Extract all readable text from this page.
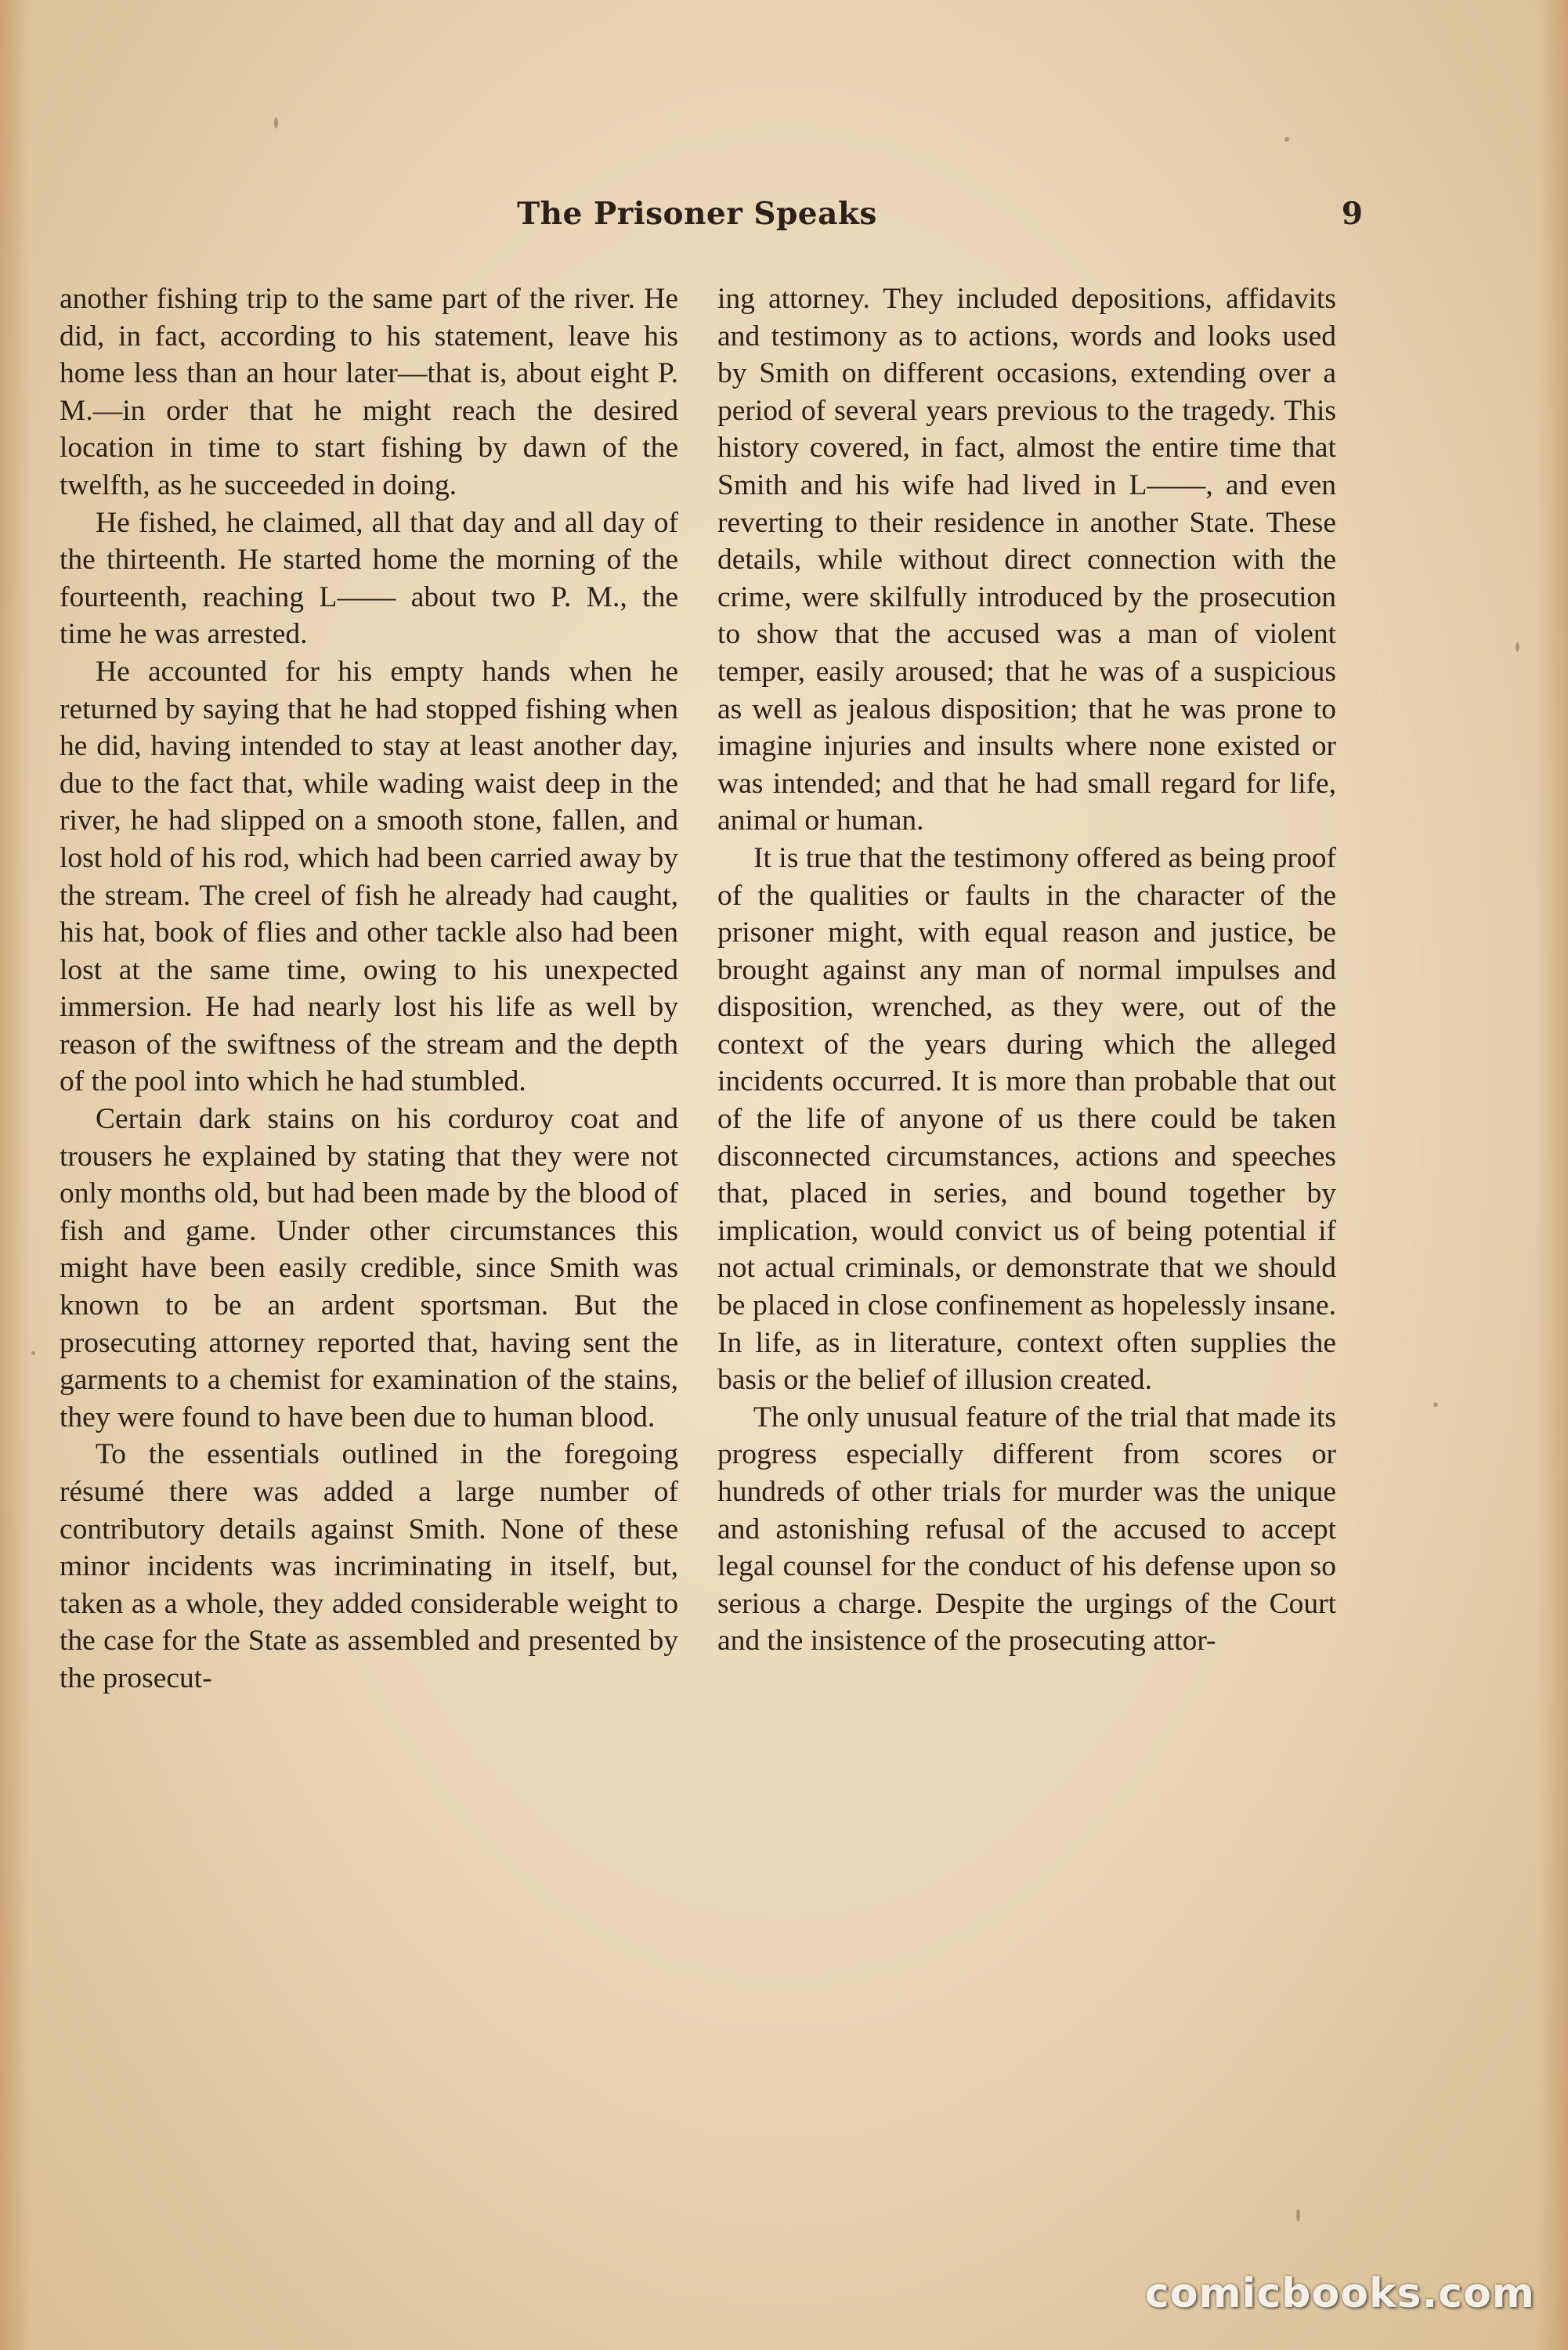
The Prisoner Speaks	9

another fishing trip to the same part of the river. He did, in fact, according to his statement, leave his home less than an hour later—that is, about eight P. M.—in order that he might reach the desired location in time to start fishing by dawn of the twelfth, as he succeeded in doing.

He fished, he claimed, all that day and all day of the thirteenth. He started home the morning of the fourteenth, reaching L—— about two P. M., the time he was arrested.

He accounted for his empty hands when he returned by saying that he had stopped fishing when he did, having intended to stay at least another day, due to the fact that, while wading waist deep in the river, he had slipped on a smooth stone, fallen, and lost hold of his rod, which had been carried away by the stream. The creel of fish he already had caught, his hat, book of flies and other tackle also had been lost at the same time, owing to his unexpected immersion. He had nearly lost his life as well by reason of the swiftness of the stream and the depth of the pool into which he had stumbled.

Certain dark stains on his corduroy coat and trousers he explained by stating that they were not only months old, but had been made by the blood of fish and game. Under other circumstances this might have been easily credible, since Smith was known to be an ardent sportsman. But the prosecuting attorney reported that, having sent the garments to a chemist for examination of the stains, they were found to have been due to human blood.

To the essentials outlined in the foregoing résumé there was added a large number of contributory details against Smith. None of these minor incidents was incriminating in itself, but, taken as a whole, they added considerable weight to the case for the State as assembled and presented by the prosecut-

ing attorney. They included depositions, affidavits and testimony as to actions, words and looks used by Smith on different occasions, extending over a period of several years previous to the tragedy. This history covered, in fact, almost the entire time that Smith and his wife had lived in L——, and even reverting to their residence in another State. These details, while without direct connection with the crime, were skilfully introduced by the prosecution to show that the accused was a man of violent temper, easily aroused; that he was of a suspicious as well as jealous disposition; that he was prone to imagine injuries and insults where none existed or was intended; and that he had small regard for life, animal or human.

It is true that the testimony offered as being proof of the qualities or faults in the character of the prisoner might, with equal reason and justice, be brought against any man of normal impulses and disposition, wrenched, as they were, out of the context of the years during which the alleged incidents occurred. It is more than probable that out of the life of anyone of us there could be taken disconnected circumstances, actions and speeches that, placed in series, and bound together by implication, would convict us of being potential if not actual criminals, or demonstrate that we should be placed in close confinement as hopelessly insane. In life, as in literature, context often supplies the basis or the belief of illusion created.

The only unusual feature of the trial that made its progress especially different from scores or hundreds of other trials for murder was the unique and astonishing refusal of the accused to accept legal counsel for the conduct of his defense upon so serious a charge. Despite the urgings of the Court and the insistence of the prosecuting attor-

comicbooks.com
